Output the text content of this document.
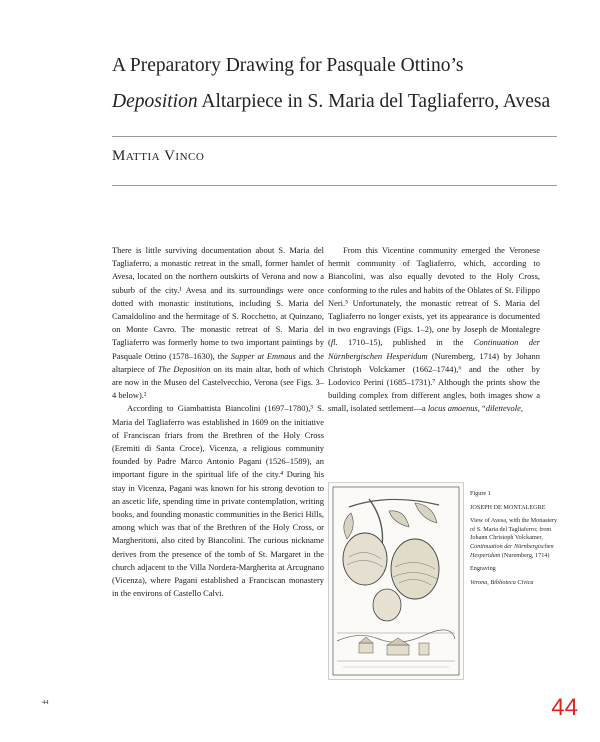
A Preparatory Drawing for Pasquale Ottino’s
Deposition Altarpiece in S. Maria del Tagliaferro, Avesa
Mattia Vinco

There is little surviving documentation about S. Maria del Tagliaferro, a monastic retreat in the small, former hamlet of Avesa, located on the northern outskirts of Verona and now a suburb of the city.¹ Avesa and its surroundings were once dotted with monastic institutions, including S. Maria del Camaldolino and the hermitage of S. Rocchetto, at Quinzano, on Monte Cavro. The monastic retreat of S. Maria del Tagliaferro was formerly home to two important paintings by Pasquale Ottino (1578–1630), the Supper at Emmaus and the altarpiece of The Deposition on its main altar, both of which are now in the Museo del Castelvecchio, Verona (see Figs. 3–4 below).²

According to Giambattista Biancolini (1697–1780),³ S. Maria del Tagliaferro was established in 1609 on the initiative of Franciscan friars from the Brethren of the Holy Cross (Eremiti di Santa Croce), Vicenza, a religious community founded by Padre Marco Antonio Pagani (1526–1589), an important figure in the spiritual life of the city.⁴ During his stay in Vicenza, Pagani was known for his strong devotion to an ascetic life, spending time in private contemplation, writing books, and founding monastic communities in the Berici Hills, among which was that of the Brethren of the Holy Cross, or Margheritoni, also cited by Biancolini. The curious nickname derives from the presence of the tomb of St. Margaret in the church adjacent to the Villa Nordera-Margherita at Arcugnano (Vicenza), where Pagani established a Franciscan monastery in the environs of Castello Calvi.

From this Vicentine community emerged the Veronese hermit community of Tagliaferro, which, according to Biancolini, was also equally devoted to the Holy Cross, conforming to the rules and habits of the Oblates of St. Filippo Neri.⁵ Unfortunately, the monastic retreat of S. Maria del Tagliaferro no longer exists, yet its appearance is documented in two engravings (Figs. 1–2), one by Joseph de Montalegre (fl. 1710–15), published in the Continuation der Nürnbergischen Hesperidum (Nuremberg, 1714) by Johann Christoph Volckamer (1662–1744),⁶ and the other by Lodovico Perini (1685–1731).⁷ Although the prints show the building complex from different angles, both images show a small, isolated settlement—a locus amoenus, “dilettevole,

Figure 1
JOSEPH DE MONTALEGRE
View of Avesa, with the Monastery of S. Maria del Tagliaferro; from Johann Christoph Volckamer, Continuation der Nürnbergischen Hesperidum (Nuremberg, 1714)
Engraving
Verona, Biblioteca Civica
44	44
